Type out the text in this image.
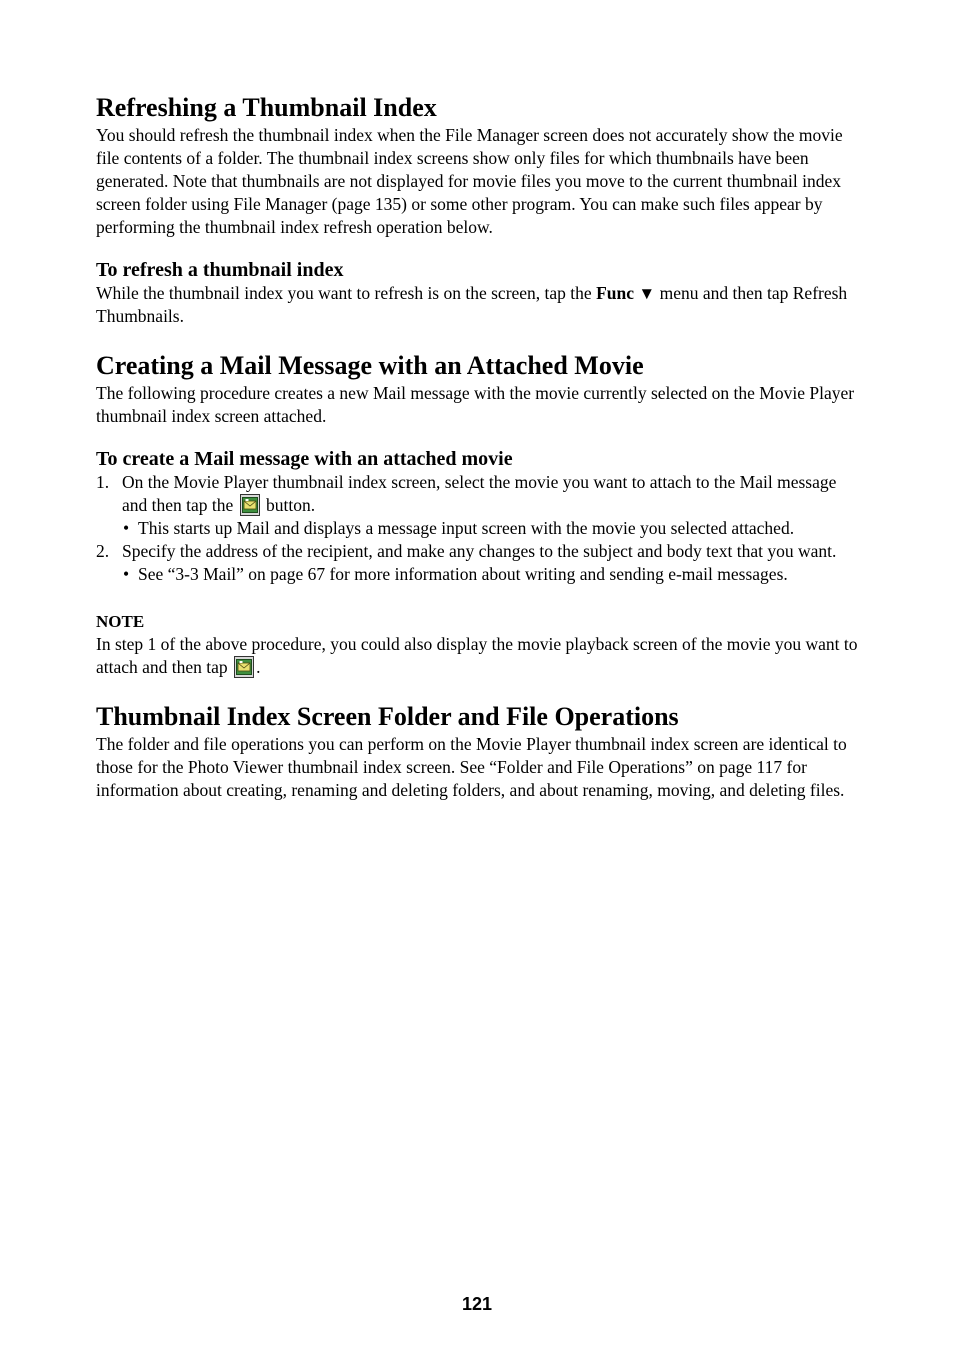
Refreshing a Thumbnail Index

You should refresh the thumbnail index when the File Manager screen does not accurately show the movie file contents of a folder. The thumbnail index screens show only files for which thumbnails have been generated. Note that thumbnails are not displayed for movie files you move to the current thumbnail index screen folder using File Manager (page 135) or some other program. You can make such files appear by performing the thumbnail index refresh operation below.

To refresh a thumbnail index

While the thumbnail index you want to refresh is on the screen, tap the Func ▼ menu and then tap Refresh Thumbnails.

Creating a Mail Message with an Attached Movie

The following procedure creates a new Mail message with the movie currently selected on the Movie Player thumbnail index screen attached.

To create a Mail message with an attached movie
1. On the Movie Player thumbnail index screen, select the movie you want to attach to the Mail message and then tap the
button.
• This starts up Mail and displays a message input screen with the movie you selected attached.
2. Specify the address of the recipient, and make any changes to the subject and body text that you want.
• See “3-3 Mail” on page 67 for more information about writing and sending e-mail messages.
NOTE

In step 1 of the above procedure, you could also display the movie playback screen of the movie you want to attach and then tap
.

Thumbnail Index Screen Folder and File Operations

The folder and file operations you can perform on the Movie Player thumbnail index screen are identical to those for the Photo Viewer thumbnail index screen. See “Folder and File Operations” on page 117 for information about creating, renaming and deleting folders, and about renaming, moving, and deleting files.

121
